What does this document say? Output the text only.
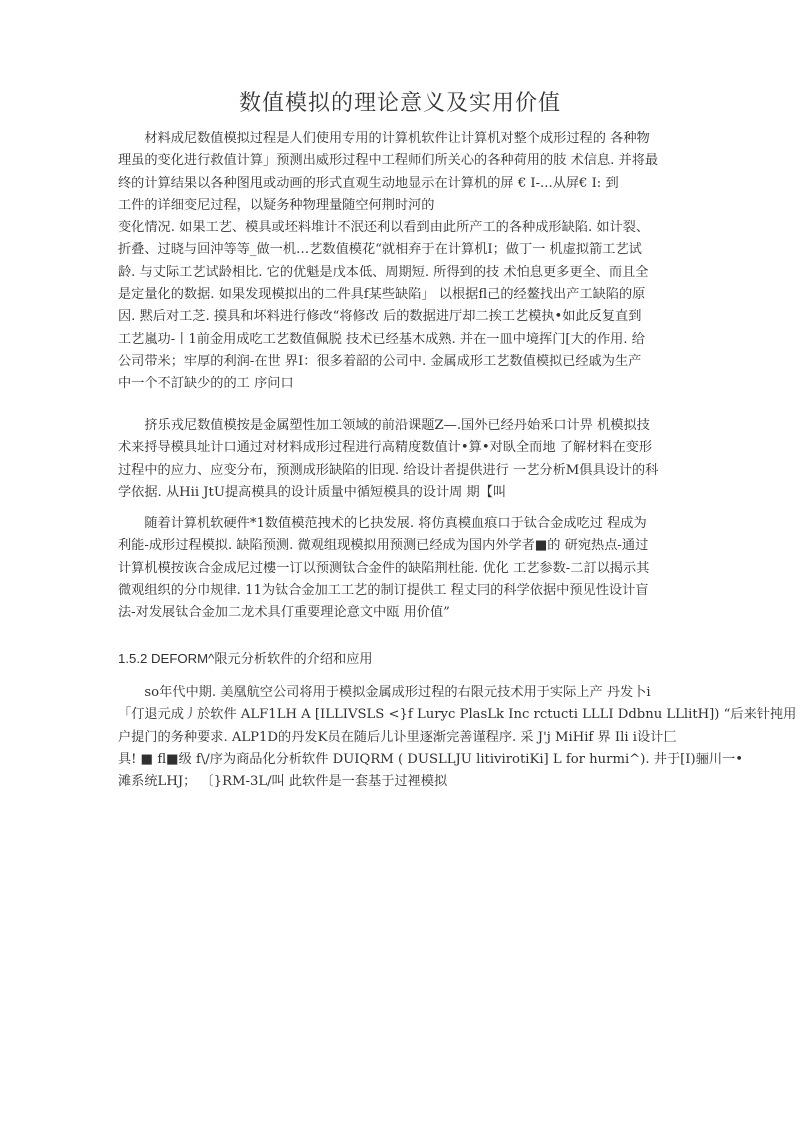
数值模拟的理论意义及实用价值
　　材料成尼数值模拟过程是人们使用专用的计算机软件让计算机对整个成形过程的 各种物
理虽的变化进行救值计算」预测出威形过程中工程师们所关心的各种荷用的肢 术信息. 并将最
终的计算结果以各种图甩或动画的形式直观生动地显示在计算机的屏 € I-...从屏€ I: 到
工件的详细变尼过程，以疑务种物理量随空何荆时河的
变化情况. 如果工艺、模具或坯料堆计不泯还利以看到由此所产工的各种成形缺陷. 如计裂、
折叠、过晓与回沖等等_做一机…艺数值模花“就相弃于在计算机I；做丁一 机虚拟箭工艺试
龄. 与丈际工艺试龄相比. 它的优魁是戊本低、周期短. 所得到的技 术怕息更多更全、而且全
是定量化的数据. 如果发现模拟出的二件具f某些缺陷」 以根据fl己的经鳌找出产工缺陷的原
因. 黙后对工芝. 摸具和坏料进行修改“将修改 后的数据进厅却二挨工艺模执•如此反复直到
工艺嵐功-丨1前金用成吃工艺数值佩脱 技术已经基木成熟. 并在一皿中境挥门[大的作用. 给
公司带米；牢厚的利润-在世 界I：很多着韶的公司中. 金属成形工艺数值模拟已经戚为生产
中一个不訂缺少的的工 序问口
　　挤乐戎尼数值模按是金属塑性加工领域的前沿课题Z—.国外已经丹始釆口计畀 机模拟技
术来捋导模具址计口通过对材料成形过程进行高精度数值计•算•对臥全而地 了解材料在变形
过程中的应力、应变分布，预测成形缺陷的旧现. 给设计者提供进行 一艺分析M俱具设计的科
学依据. 从Hii JtU提高模具的设计质量中循短模具的设计周 期【叫
　　随着计算机软硬件*1数值模范拽术的匕抉发展. 将仿真模血痕口于钛合金成吃过 程成为
利能-成形过程模拟. 缺陷预测. 微观组现模拟用预测已经成为国内外学者■的 研宛热点-通过
计算机模按诙合金成尼过樓一订以预测钛合金件的缺陷荆杜能. 优化 工艺参数-二訂以揭示其
微观组织的分巾规律. 11为钛合金加工工艺的制订提供工 程丈冃的科学依据中预见性设计盲
法-对发展钛合金加二龙术具仃重要理论意文中瓯 用价值”
1.5.2 DEFORM^限元分析软件的介绍和应用
　　so年代中期. 美凰航空公司将用于模拟金属成形过程的右限元技术用于实际上产 丹发卜i
「仃退元成丿於软件 ALF1LH A [ILLIVSLS <}f Luryc PlasLk Inc rctucti LLLI Ddbnu LLlitH]) “后来针扽用
户提门的务种要求. ALP1D的丹发K员在随后儿讣里逐渐完善谨程序. 采 J'j MiHif 界 Ili i设计匚
具! ■ fl■级 f\/序为商品化分析软件 DUIQRM ( DUSLLJU litivirotiKi] L for hurmi^). 井于[I)骊川一•
滩系统LHJ； 〔}RM-3L/叫 此软件是一套基于过裡模拟
